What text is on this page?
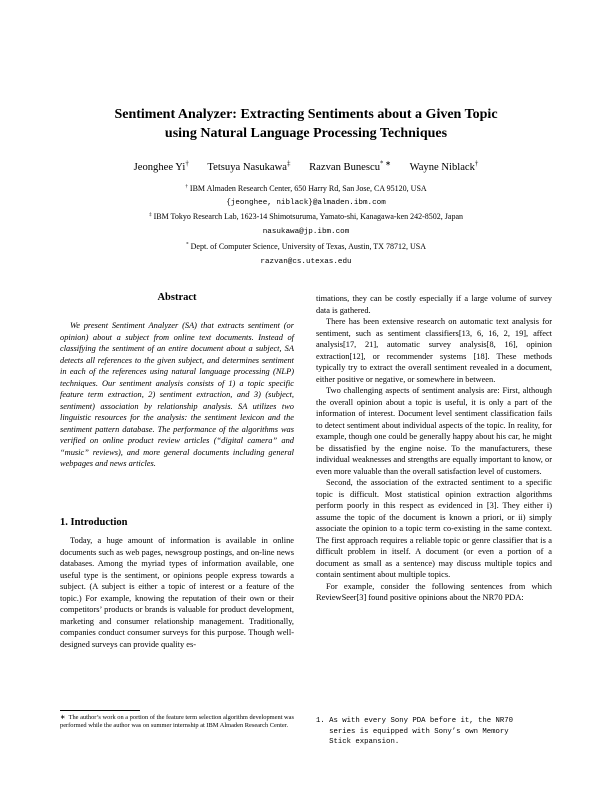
Sentiment Analyzer: Extracting Sentiments about a Given Topic
using Natural Language Processing Techniques
Jeonghee Yi† Tetsuya Nasukawa‡ Razvan Bunescu* ∗ Wayne Niblack†
† IBM Almaden Research Center, 650 Harry Rd, San Jose, CA 95120, USA
{jeonghee, niblack}@almaden.ibm.com
‡ IBM Tokyo Research Lab, 1623-14 Shimotsuruma, Yamato-shi, Kanagawa-ken 242-8502, Japan
nasukawa@jp.ibm.com
* Dept. of Computer Science, University of Texas, Austin, TX 78712, USA
razvan@cs.utexas.edu
Abstract

We present Sentiment Analyzer (SA) that extracts sentiment (or opinion) about a subject from online text documents. Instead of classifying the sentiment of an entire document about a subject, SA detects all references to the given subject, and determines sentiment in each of the references using natural language processing (NLP) techniques. Our sentiment analysis consists of 1) a topic specific feature term extraction, 2) sentiment extraction, and 3) (subject, sentiment) association by relationship analysis. SA utilizes two linguistic resources for the analysis: the sentiment lexicon and the sentiment pattern database. The performance of the algorithms was verified on online product review articles (“digital camera” and “music” reviews), and more general documents including general webpages and news articles.

1. Introduction

Today, a huge amount of information is available in online documents such as web pages, newsgroup postings, and on-line news databases. Among the myriad types of information available, one useful type is the sentiment, or opinions people express towards a subject. (A subject is either a topic of interest or a feature of the topic.) For example, knowing the reputation of their own or their competitors’ products or brands is valuable for product development, marketing and consumer relationship management. Traditionally, companies conduct consumer surveys for this purpose. Though well-designed surveys can provide quality es-

timations, they can be costly especially if a large volume of survey data is gathered.

There has been extensive research on automatic text analysis for sentiment, such as sentiment classifiers[13, 6, 16, 2, 19], affect analysis[17, 21], automatic survey analysis[8, 16], opinion extraction[12], or recommender systems [18]. These methods typically try to extract the overall sentiment revealed in a document, either positive or negative, or somewhere in between.

Two challenging aspects of sentiment analysis are: First, although the overall opinion about a topic is useful, it is only a part of the information of interest. Document level sentiment classification fails to detect sentiment about individual aspects of the topic. In reality, for example, though one could be generally happy about his car, he might be dissatisfied by the engine noise. To the manufacturers, these individual weaknesses and strengths are equally important to know, or even more valuable than the overall satisfaction level of customers.

Second, the association of the extracted sentiment to a specific topic is difficult. Most statistical opinion extraction algorithms perform poorly in this respect as evidenced in [3]. They either i) assume the topic of the document is known a priori, or ii) simply associate the opinion to a topic term co-existing in the same context. The first approach requires a reliable topic or genre classifier that is a difficult problem in itself. A document (or even a portion of a document as small as a sentence) may discuss multiple topics and contain sentiment about multiple topics.

For example, consider the following sentences from which ReviewSeer[3] found positive opinions about the NR70 PDA:

1. As with every Sony PDA before it, the NR70
series is equipped with Sony’s own Memory
Stick expansion.
∗ The author’s work on a portion of the feature term selection algorithm development was performed while the author was on summer internship at IBM Almaden Research Center.
